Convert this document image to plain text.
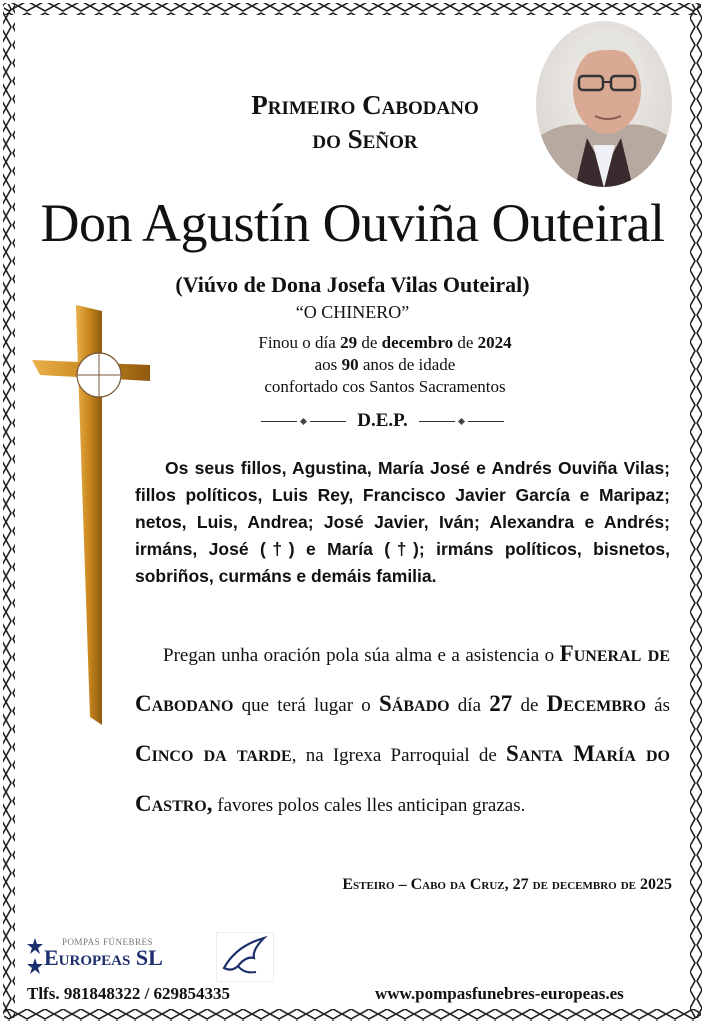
Primeiro Cabodano
do Señor
Don Agustín Ouviña Outeiral
(Viúvo de Dona Josefa Vilas Outeiral)
“O CHINERO”
Finou o día 29 de decembro de 2024
aos 90 anos de idade
confortado cos Santos Sacramentos
D.E.P.
Os seus fillos, Agustina, María José e Andrés Ouviña Vilas; fillos políticos, Luis Rey, Francisco Javier García e Maripaz; netos, Luis, Andrea; José Javier, Iván; Alexandra e Andrés; irmáns, José (†) e María (†); irmáns políticos, bisnetos, sobriños, curmáns e demáis familia.
Pregan unha oración pola súa alma e a asistencia o Funeral de Cabodano que terá lugar o Sábado día 27 de Decembro ás Cinco da tarde, na Igrexa Parroquial de Santa María do Castro, favores polos cales lles anticipan grazas.
Esteiro – Cabo da Cruz, 27 de decembro de 2025
POMPAS FÚNEBRES
Europeas SL
Tlfs. 981848322 / 629854335	www.pompasfunebres-europeas.es
